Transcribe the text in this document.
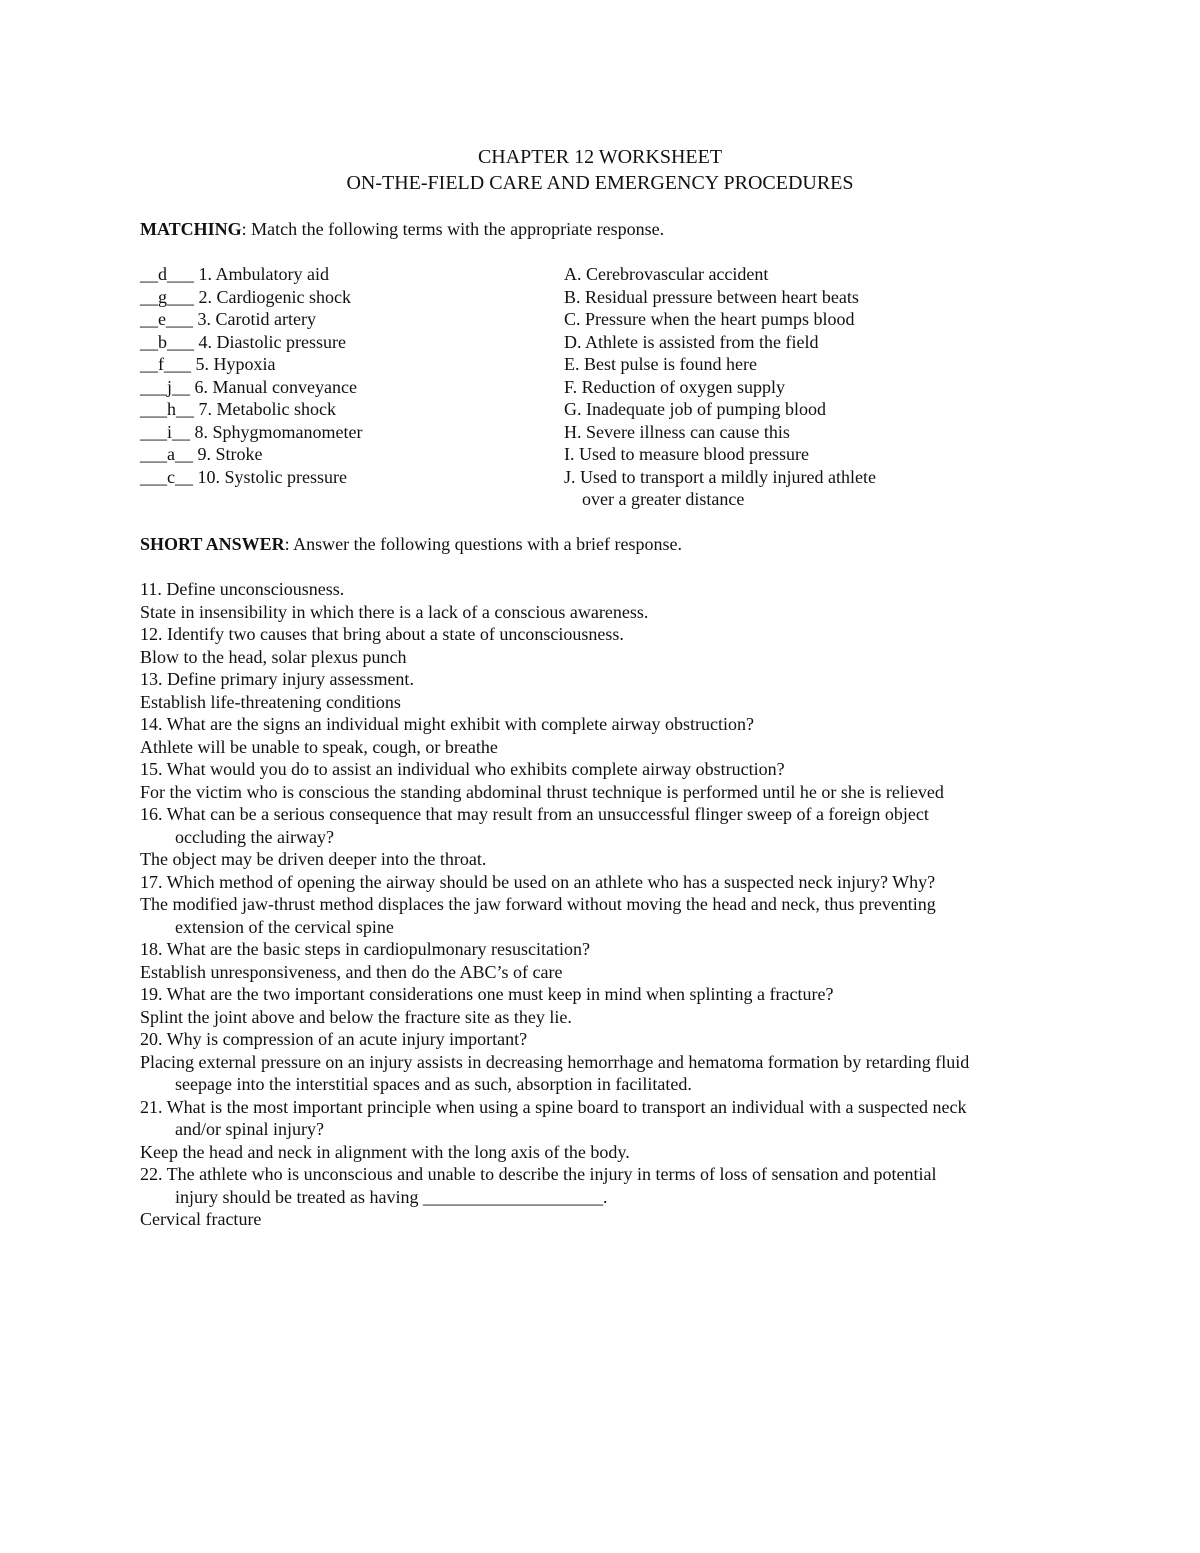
CHAPTER 12 WORKSHEET
ON-THE-FIELD CARE AND EMERGENCY PROCEDURES
MATCHING: Match the following terms with the appropriate response.
__d___ 1. Ambulatory aid
__g___ 2. Cardiogenic shock
__e___ 3. Carotid artery
__b___ 4. Diastolic pressure
__f___ 5. Hypoxia
___j__ 6. Manual conveyance
___h__ 7. Metabolic shock
___i__ 8. Sphygmomanometer
___a__ 9. Stroke
___c__ 10. Systolic pressure
A. Cerebrovascular accident
B. Residual pressure between heart beats
C. Pressure when the heart pumps blood
D. Athlete is assisted from the field
E. Best pulse is found here
F. Reduction of oxygen supply
G. Inadequate job of pumping blood
H. Severe illness can cause this
I. Used to measure blood pressure
J. Used to transport a mildly injured athlete
over a greater distance
SHORT ANSWER: Answer the following questions with a brief response.
11. Define unconsciousness.
State in insensibility in which there is a lack of a conscious awareness.
12. Identify two causes that bring about a state of unconsciousness.
Blow to the head, solar plexus punch
13. Define primary injury assessment.
Establish life-threatening conditions
14. What are the signs an individual might exhibit with complete airway obstruction?
Athlete will be unable to speak, cough, or breathe
15. What would you do to assist an individual who exhibits complete airway obstruction?
For the victim who is conscious the standing abdominal thrust technique is performed until he or she is relieved
16. What can be a serious consequence that may result from an unsuccessful flinger sweep of a foreign object
occluding the airway?
The object may be driven deeper into the throat.
17. Which method of opening the airway should be used on an athlete who has a suspected neck injury? Why?
The modified jaw-thrust method displaces the jaw forward without moving the head and neck, thus preventing
extension of the cervical spine
18. What are the basic steps in cardiopulmonary resuscitation?
Establish unresponsiveness, and then do the ABC’s of care
19. What are the two important considerations one must keep in mind when splinting a fracture?
Splint the joint above and below the fracture site as they lie.
20. Why is compression of an acute injury important?
Placing external pressure on an injury assists in decreasing hemorrhage and hematoma formation by retarding fluid
seepage into the interstitial spaces and as such, absorption in facilitated.
21. What is the most important principle when using a spine board to transport an individual with a suspected neck
and/or spinal injury?
Keep the head and neck in alignment with the long axis of the body.
22. The athlete who is unconscious and unable to describe the injury in terms of loss of sensation and potential
injury should be treated as having ____________________.
Cervical fracture
